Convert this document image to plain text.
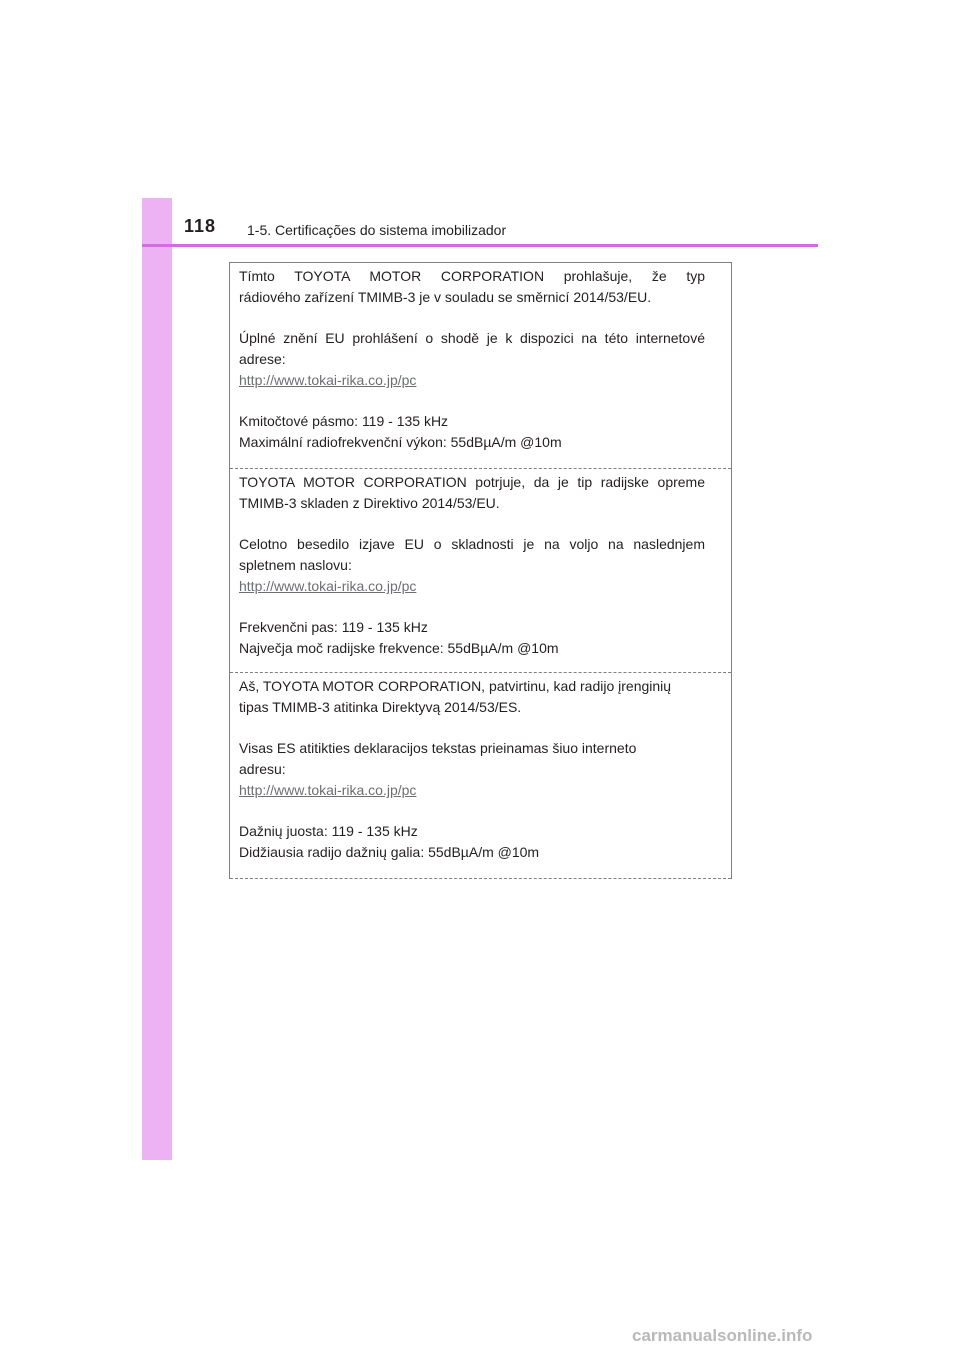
118 1-5. Certificações do sistema imobilizador

Tímto TOYOTA MOTOR CORPORATION prohlašuje, že typ

rádiového zařízení TMIMB-3 je v souladu se směrnicí 2014/53/EU.

Úplné znění EU prohlášení o shodě je k dispozici na této internetové

adrese:

http://www.tokai-rika.co.jp/pc

Kmitočtové pásmo: 119 - 135 kHz

Maximální radiofrekvenční výkon: 55dBµA/m @10m

TOYOTA MOTOR CORPORATION potrjuje, da je tip radijske opreme

TMIMB-3 skladen z Direktivo 2014/53/EU.

Celotno besedilo izjave EU o skladnosti je na voljo na naslednjem

spletnem naslovu:

http://www.tokai-rika.co.jp/pc

Frekvenčni pas: 119 - 135 kHz

Največja moč radijske frekvence: 55dBµA/m @10m

Aš, TOYOTA MOTOR CORPORATION, patvirtinu, kad radijo įrenginių

tipas TMIMB-3 atitinka Direktyvą 2014/53/ES.

Visas ES atitikties deklaracijos tekstas prieinamas šiuo interneto

adresu:

http://www.tokai-rika.co.jp/pc

Dažnių juosta: 119 - 135 kHz

Didžiausia radijo dažnių galia: 55dBµA/m @10m

carmanualsonline.info
